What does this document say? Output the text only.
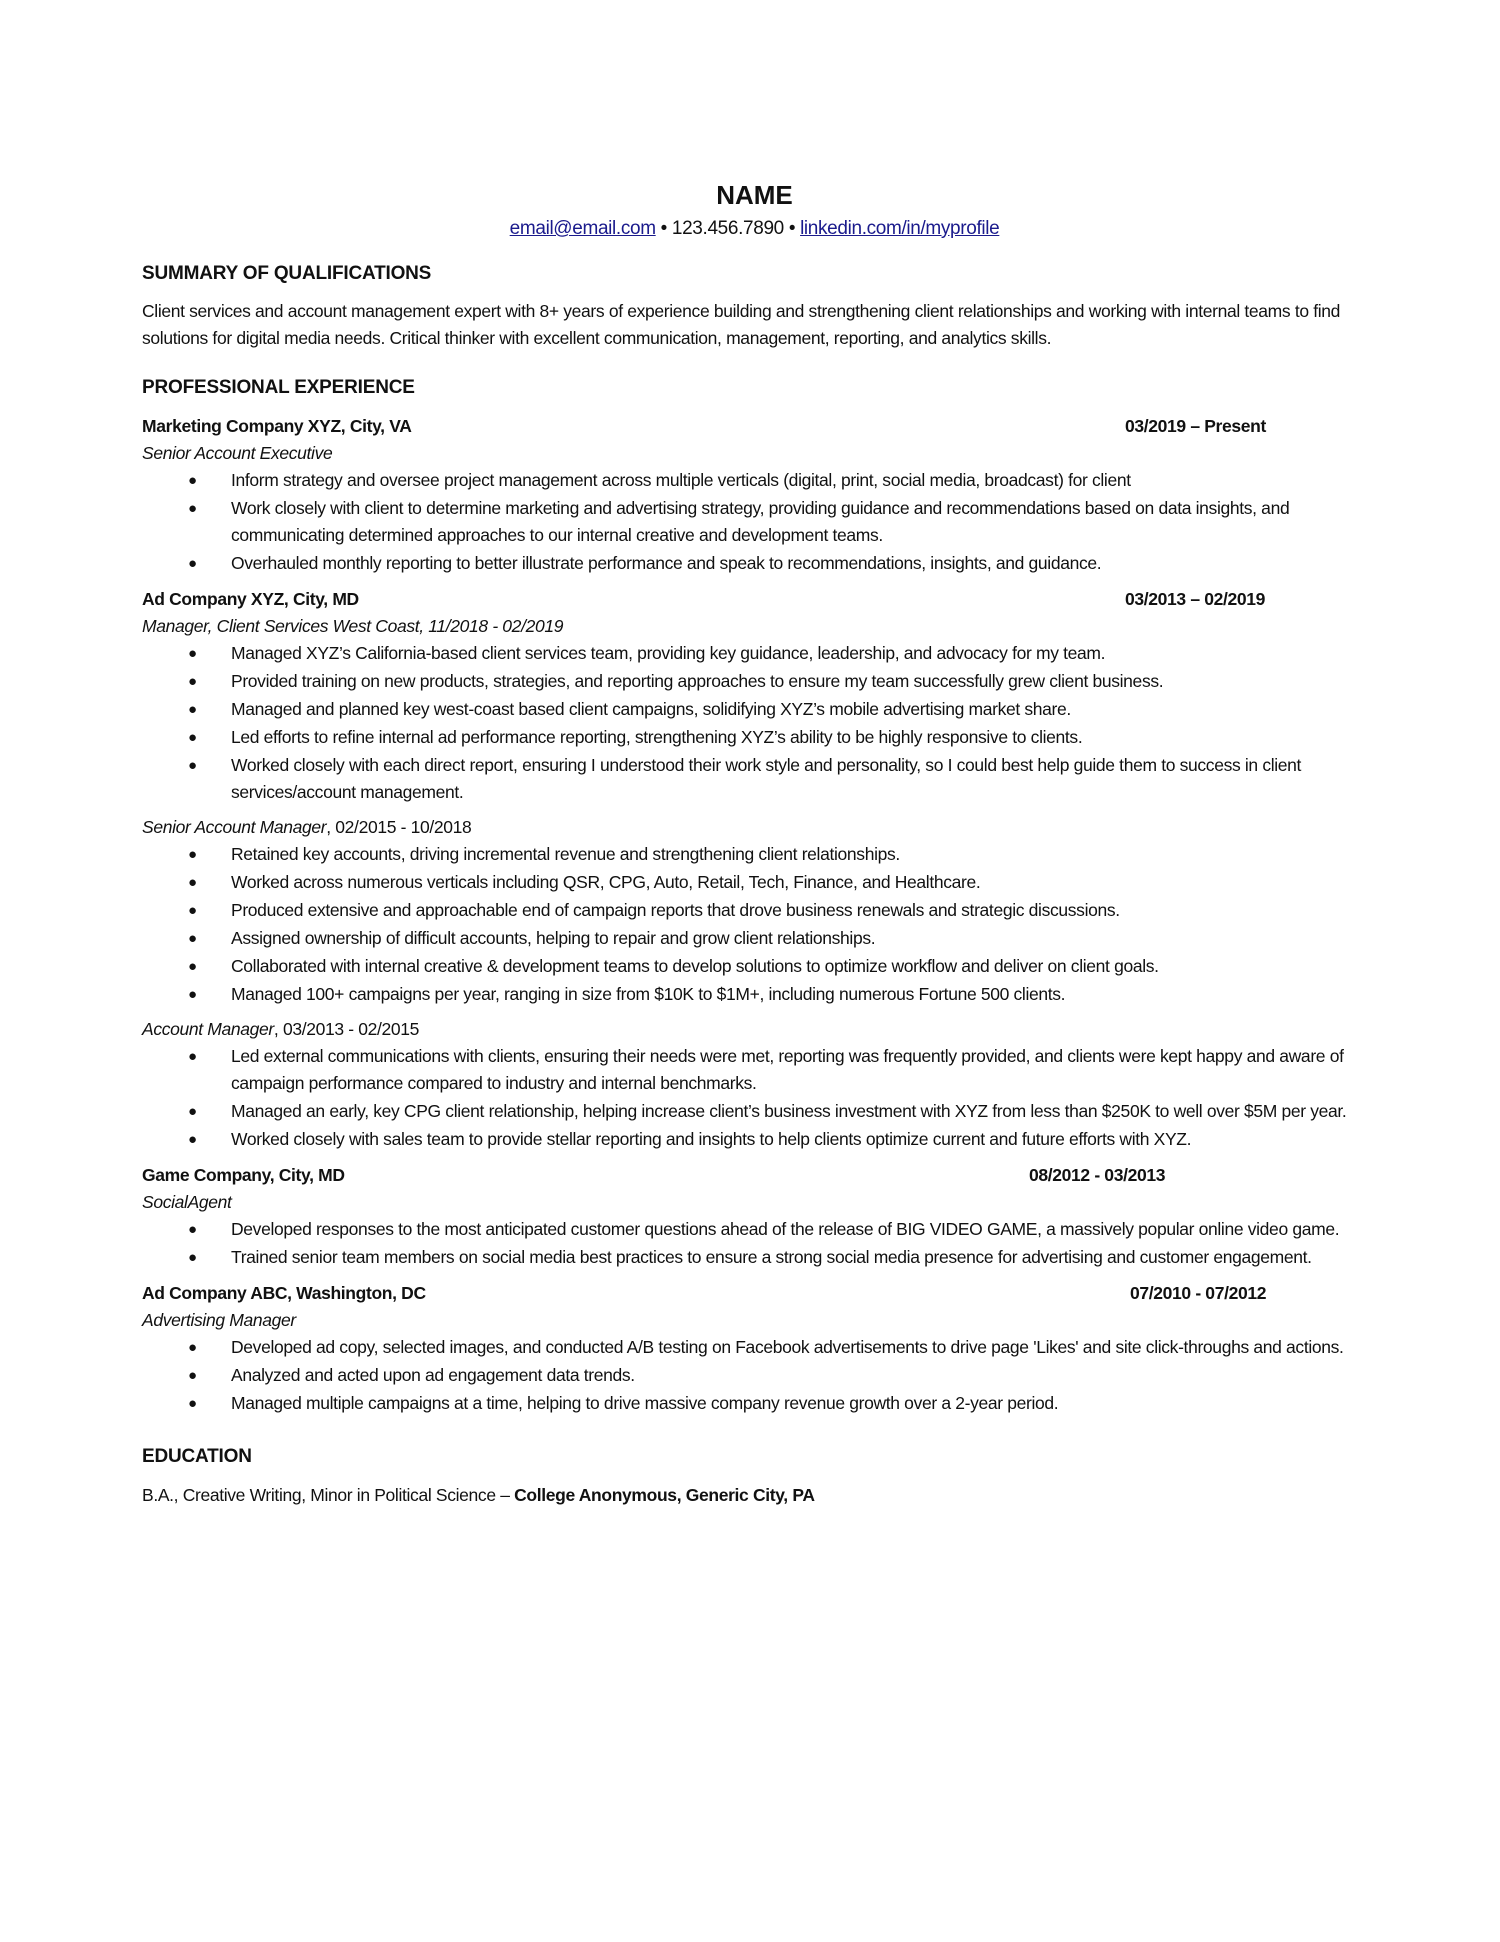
NAME
email@email.com • 123.456.7890 • linkedin.com/in/myprofile
SUMMARY OF QUALIFICATIONS

Client services and account management expert with 8+ years of experience building and strengthening client relationships and working with internal teams to find solutions for digital media needs. Critical thinker with excellent communication, management, reporting, and analytics skills.

PROFESSIONAL EXPERIENCE
Marketing Company XYZ, City, VA	03/2019 – Present
Senior Account Executive
● Inform strategy and oversee project management across multiple verticals (digital, print, social media, broadcast) for client
● Work closely with client to determine marketing and advertising strategy, providing guidance and recommendations based on data insights, and communicating determined approaches to our internal creative and development teams.
● Overhauled monthly reporting to better illustrate performance and speak to recommendations, insights, and guidance.
Ad Company XYZ, City, MD	03/2013 – 02/2019
Manager, Client Services West Coast, 11/2018 - 02/2019
● Managed XYZ’s California-based client services team, providing key guidance, leadership, and advocacy for my team.
● Provided training on new products, strategies, and reporting approaches to ensure my team successfully grew client business.
● Managed and planned key west-coast based client campaigns, solidifying XYZ’s mobile advertising market share.
● Led efforts to refine internal ad performance reporting, strengthening XYZ’s ability to be highly responsive to clients.
● Worked closely with each direct report, ensuring I understood their work style and personality, so I could best help guide them to success in client services/account management.
Senior Account Manager, 02/2015 - 10/2018
● Retained key accounts, driving incremental revenue and strengthening client relationships.
● Worked across numerous verticals including QSR, CPG, Auto, Retail, Tech, Finance, and Healthcare.
● Produced extensive and approachable end of campaign reports that drove business renewals and strategic discussions.
● Assigned ownership of difficult accounts, helping to repair and grow client relationships.
● Collaborated with internal creative & development teams to develop solutions to optimize workflow and deliver on client goals.
● Managed 100+ campaigns per year, ranging in size from $10K to $1M+, including numerous Fortune 500 clients.
Account Manager, 03/2013 - 02/2015
● Led external communications with clients, ensuring their needs were met, reporting was frequently provided, and clients were kept happy and aware of campaign performance compared to industry and internal benchmarks.
● Managed an early, key CPG client relationship, helping increase client’s business investment with XYZ from less than $250K to well over $5M per year.
● Worked closely with sales team to provide stellar reporting and insights to help clients optimize current and future efforts with XYZ.
Game Company, City, MD	08/2012 - 03/2013
SocialAgent
● Developed responses to the most anticipated customer questions ahead of the release of BIG VIDEO GAME, a massively popular online video game.
● Trained senior team members on social media best practices to ensure a strong social media presence for advertising and customer engagement.
Ad Company ABC, Washington, DC	07/2010 - 07/2012
Advertising Manager
● Developed ad copy, selected images, and conducted A/B testing on Facebook advertisements to drive page 'Likes' and site click-throughs and actions.
● Analyzed and acted upon ad engagement data trends.
● Managed multiple campaigns at a time, helping to drive massive company revenue growth over a 2-year period.
EDUCATION
B.A., Creative Writing, Minor in Political Science – College Anonymous, Generic City, PA
